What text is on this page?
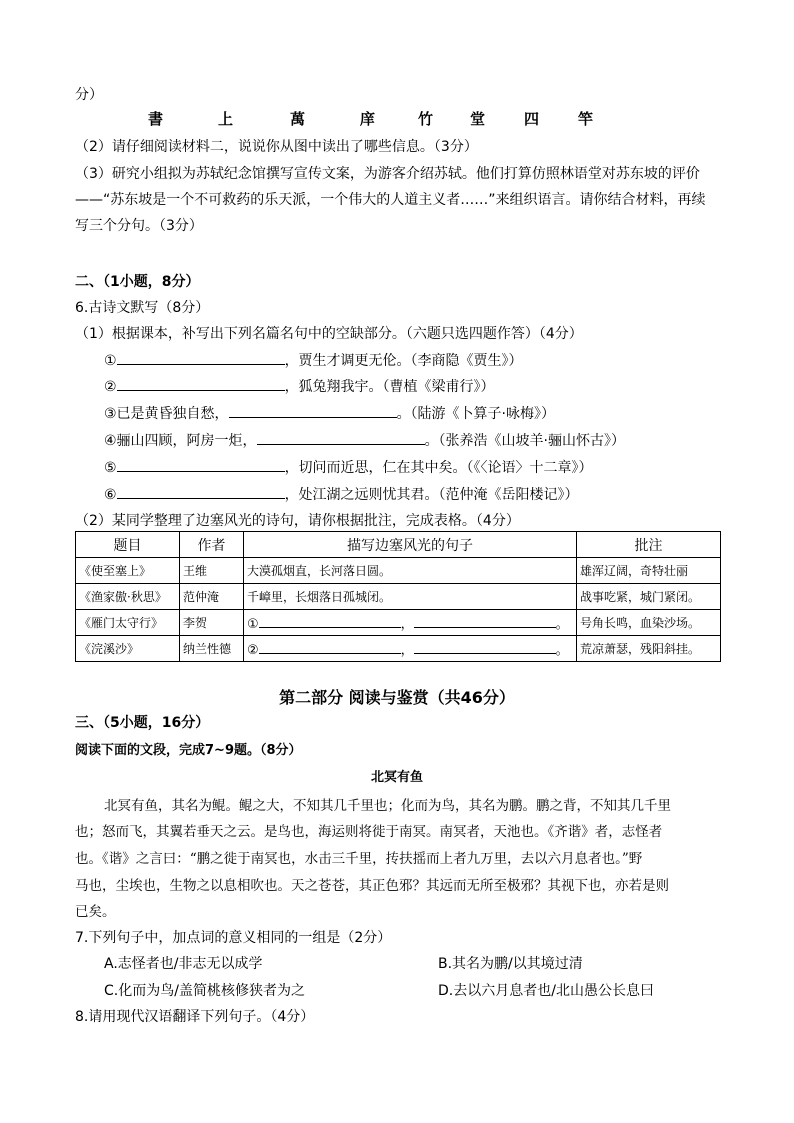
分）
書	上	萬	庠	竹 堂	四	竿
（2）请仔细阅读材料二，说说你从图中读出了哪些信息。（3分）
（3）研究小组拟为苏轼纪念馆撰写宣传文案，为游客介绍苏轼。他们打算仿照林语堂对苏东坡的评价
——“苏东坡是一个不可救药的乐天派，一个伟大的人道主义者……”来组织语言。请你结合材料，再续
写三个分句。（3分）
二、（1小题，8分）
6.古诗文默写（8分）
（1）根据课本，补写出下列名篇名句中的空缺部分。（六题只选四题作答）（4分）
①	，贾生才调更无伦。（李商隐《贾生》）
②	，狐兔翔我宇。（曹植《梁甫行》）
③已是黄昏独自愁，	。（陆游《卜算子·咏梅》）
④骊山四顾，阿房一炬，	。（张养浩《山坡羊·骊山怀古》）
⑤	，切问而近思，仁在其中矣。（《〈论语〉十二章》）
⑥	，处江湖之远则忧其君。（范仲淹《岳阳楼记》）
（2）某同学整理了边塞风光的诗句，请你根据批注，完成表格。（4分）
题目	作者	描写边塞风光的句子	批注
《使至塞上》	王维	大漠孤烟直，长河落日圆。	雄浑辽阔，奇特壮丽
《渔家傲·秋思》	范仲淹	千嶂里，长烟落日孤城闭。	战事吃紧，城门紧闭。
《雁门太守行》	李贺	① ， 。	号角长鸣，血染沙场。
《浣溪沙》	纳兰性德	② ， 。	荒凉萧瑟，残阳斜挂。
第二部分 阅读与鉴赏（共46分）
三、（5小题，16分）
阅读下面的文段，完成7~9题。（8分）
北冥有鱼
北冥有鱼，其名为鲲。鲲之大，不知其几千里也；化而为鸟，其名为鹏。鹏之背，不知其几千里
也；怒而飞，其翼若垂天之云。是鸟也，海运则将徙于南冥。南冥者，天池也。《齐谐》者，志怪者
也。《谐》之言曰：“鹏之徙于南冥也，水击三千里，抟扶摇而上者九万里，去以六月息者也。”野
马也，尘埃也，生物之以息相吹也。天之苍苍，其正色邪？其远而无所至极邪？其视下也，亦若是则
已矣。
7.下列句子中，加点词的意义相同的一组是（2分）
A.志怪者也/非志无以成学	B.其名为鹏/以其境过清
C.化而为鸟/盖简桃核修狭者为之	D.去以六月息者也/北山愚公长息曰
8.请用现代汉语翻译下列句子。（4分）
